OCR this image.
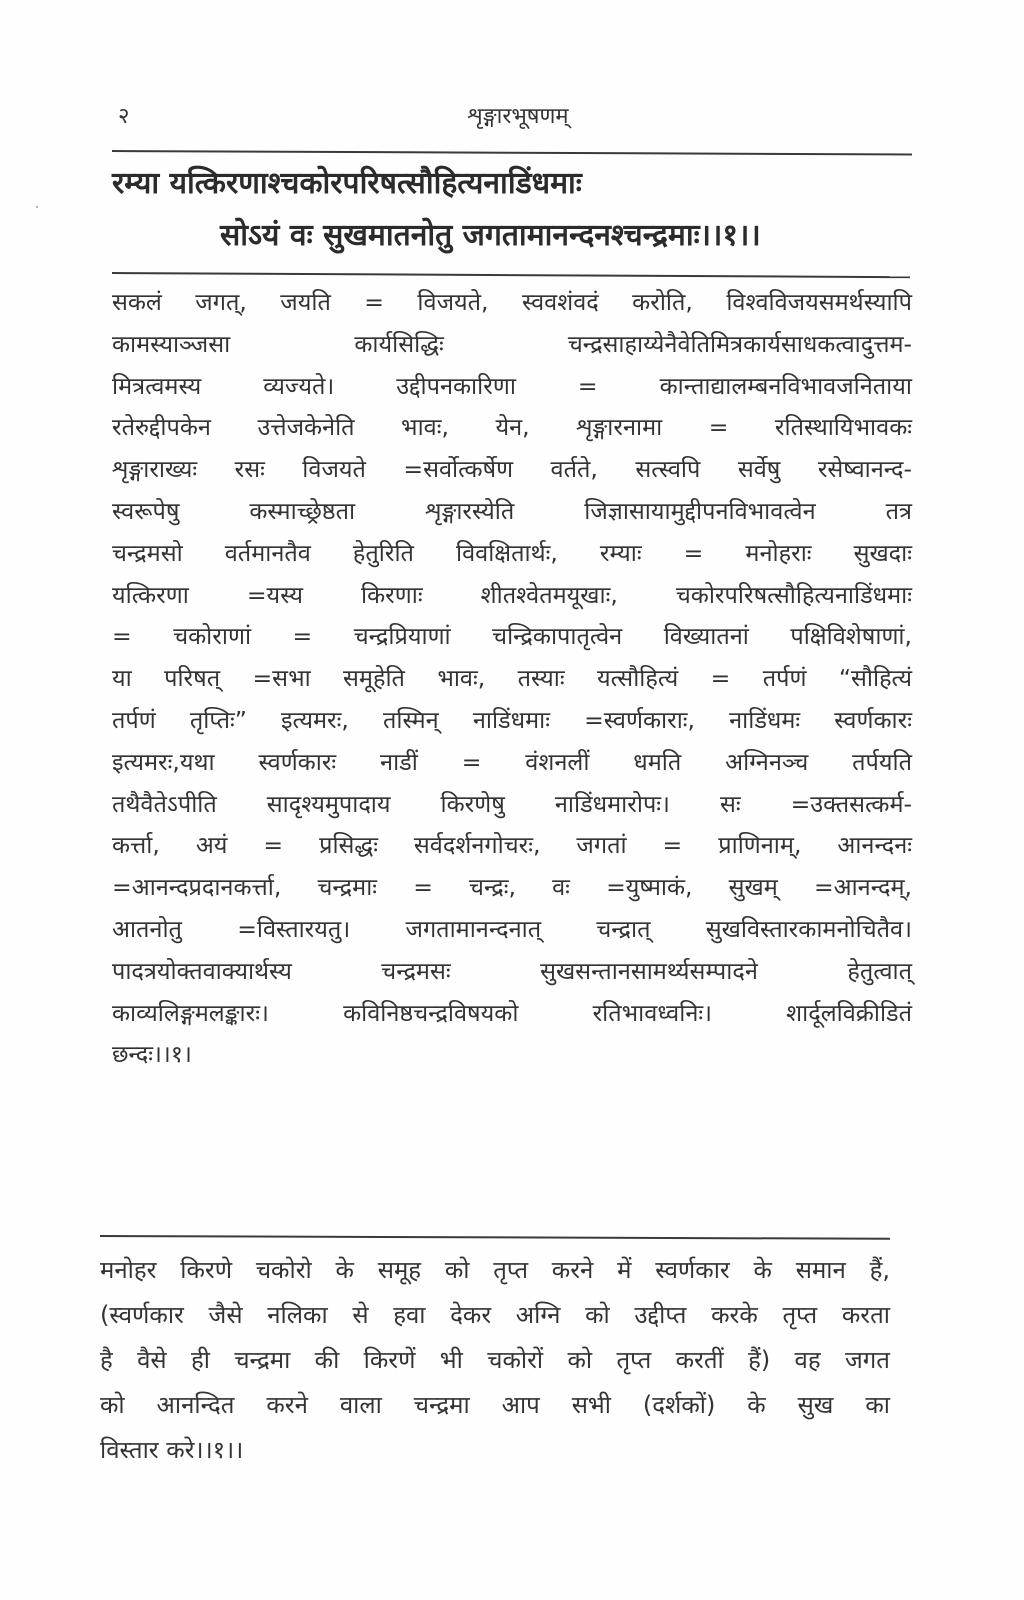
२	शृङ्गारभूषणम्
रम्या यत्किरणाश्चकोरपरिषत्सौहित्यनाडिंधमाः
सोऽयं वः सुखमातनोतु जगतामानन्दनश्चन्द्रमाः।।१।।
सकलं जगत्, जयति = विजयते, स्ववशंवदं करोति, विश्वविजयसमर्थस्यापि
कामस्याञ्जसा कार्यसिद्धिः चन्द्रसाहाय्येनैवेतिमित्रकार्यसाधकत्वादुत्तम-
मित्रत्वमस्य व्यज्यते। उद्दीपनकारिणा = कान्ताद्यालम्बनविभावजनिताया
रतेरुद्दीपकेन उत्तेजकेनेति भावः, येन, शृङ्गारनामा = रतिस्थायिभावकः
शृङ्गाराख्यः रसः विजयते =सर्वोत्कर्षेण वर्तते, सत्स्वपि सर्वेषु रसेष्वानन्द-
स्वरूपेषु कस्माच्छ्रेष्ठता शृङ्गारस्येति जिज्ञासायामुद्दीपनविभावत्वेन तत्र
चन्द्रमसो वर्तमानतैव हेतुरिति विवक्षितार्थः, रम्याः = मनोहराः सुखदाः
यत्किरणा =यस्य किरणाः शीतश्वेतमयूखाः, चकोरपरिषत्सौहित्यनाडिंधमाः
= चकोराणां = चन्द्रप्रियाणां चन्द्रिकापातृत्वेन विख्यातनां पक्षिविशेषाणां,
या परिषत् =सभा समूहेति भावः, तस्याः यत्सौहित्यं = तर्पणं “सौहित्यं
तर्पणं तृप्तिः” इत्यमरः, तस्मिन् नाडिंधमाः =स्वर्णकाराः, नाडिंधमः स्वर्णकारः
इत्यमरः,यथा स्वर्णकारः नाडीं = वंशनलीं धमति अग्निनञ्च तर्पयति
तथैवैतेऽपीति सादृश्यमुपादाय किरणेषु नाडिंधमारोपः। सः =उक्तसत्कर्म-
कर्त्ता, अयं = प्रसिद्धः सर्वदर्शनगोचरः, जगतां = प्राणिनाम्, आनन्दनः
=आनन्दप्रदानकर्त्ता, चन्द्रमाः = चन्द्रः, वः =युष्माकं, सुखम् =आनन्दम्,
आतनोतु =विस्तारयतु। जगतामानन्दनात् चन्द्रात् सुखविस्तारकामनोचितैव।
पादत्रयोक्तवाक्यार्थस्य चन्द्रमसः सुखसन्तानसामर्थ्यसम्पादने हेतुत्वात्
काव्यलिङ्गमलङ्कारः। कविनिष्ठचन्द्रविषयको रतिभावध्वनिः। शार्दूलविक्रीडितं
छन्दः।।१।
मनोहर किरणे चकोरो के समूह को तृप्त करने में स्वर्णकार के समान हैं,
(स्वर्णकार जैसे नलिका से हवा देकर अग्नि को उद्दीप्त करके तृप्त करता
है वैसे ही चन्द्रमा की किरणें भी चकोरों को तृप्त करतीं हैं) वह जगत
को आनन्दित करने वाला चन्द्रमा आप सभी (दर्शकों) के सुख का
विस्तार करे।।१।।
